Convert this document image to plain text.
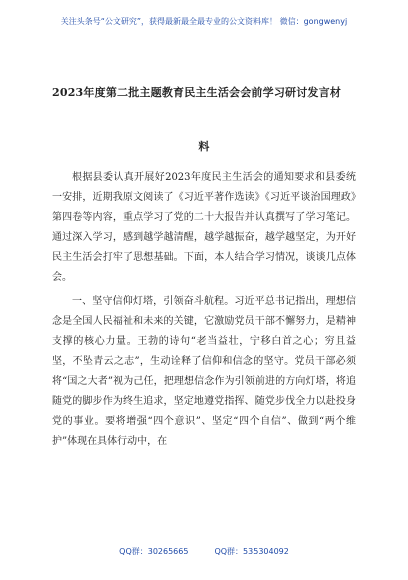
关注头条号“公文研究”，获得最新最全最专业的公文资料库！ 微信：gongwenyj
2023年度第二批主题教育民主生活会会前学习研讨发言材
料

根据县委认真开展好2023年度民主生活会的通知要求和县委统一安排，近期我原文阅读了《习近平著作选读》《习近平谈治国理政》第四卷等内容，重点学习了党的二十大报告并认真撰写了学习笔记。通过深入学习，感到越学越清醒，越学越振奋，越学越坚定，为开好民主生活会打牢了思想基础。下面，本人结合学习情况，谈谈几点体会。

一、坚守信仰灯塔，引领奋斗航程。习近平总书记指出，理想信念是全国人民福祉和未来的关键，它激励党员干部不懈努力，是精神支撑的核心力量。王勃的诗句“老当益壮，宁移白首之心；穷且益坚，不坠青云之志”，生动诠释了信仰和信念的坚守。党员干部必须将“国之大者”视为己任，把理想信念作为引领前进的方向灯塔，将追随党的脚步作为终生追求，坚定地遵党指挥、随党步伐全力以赴投身党的事业。要将增强“四个意识”、坚定“四个自信”、做到“两个维护”体现在具体行动中，在

QQ群：30265665	QQ群：535304092
